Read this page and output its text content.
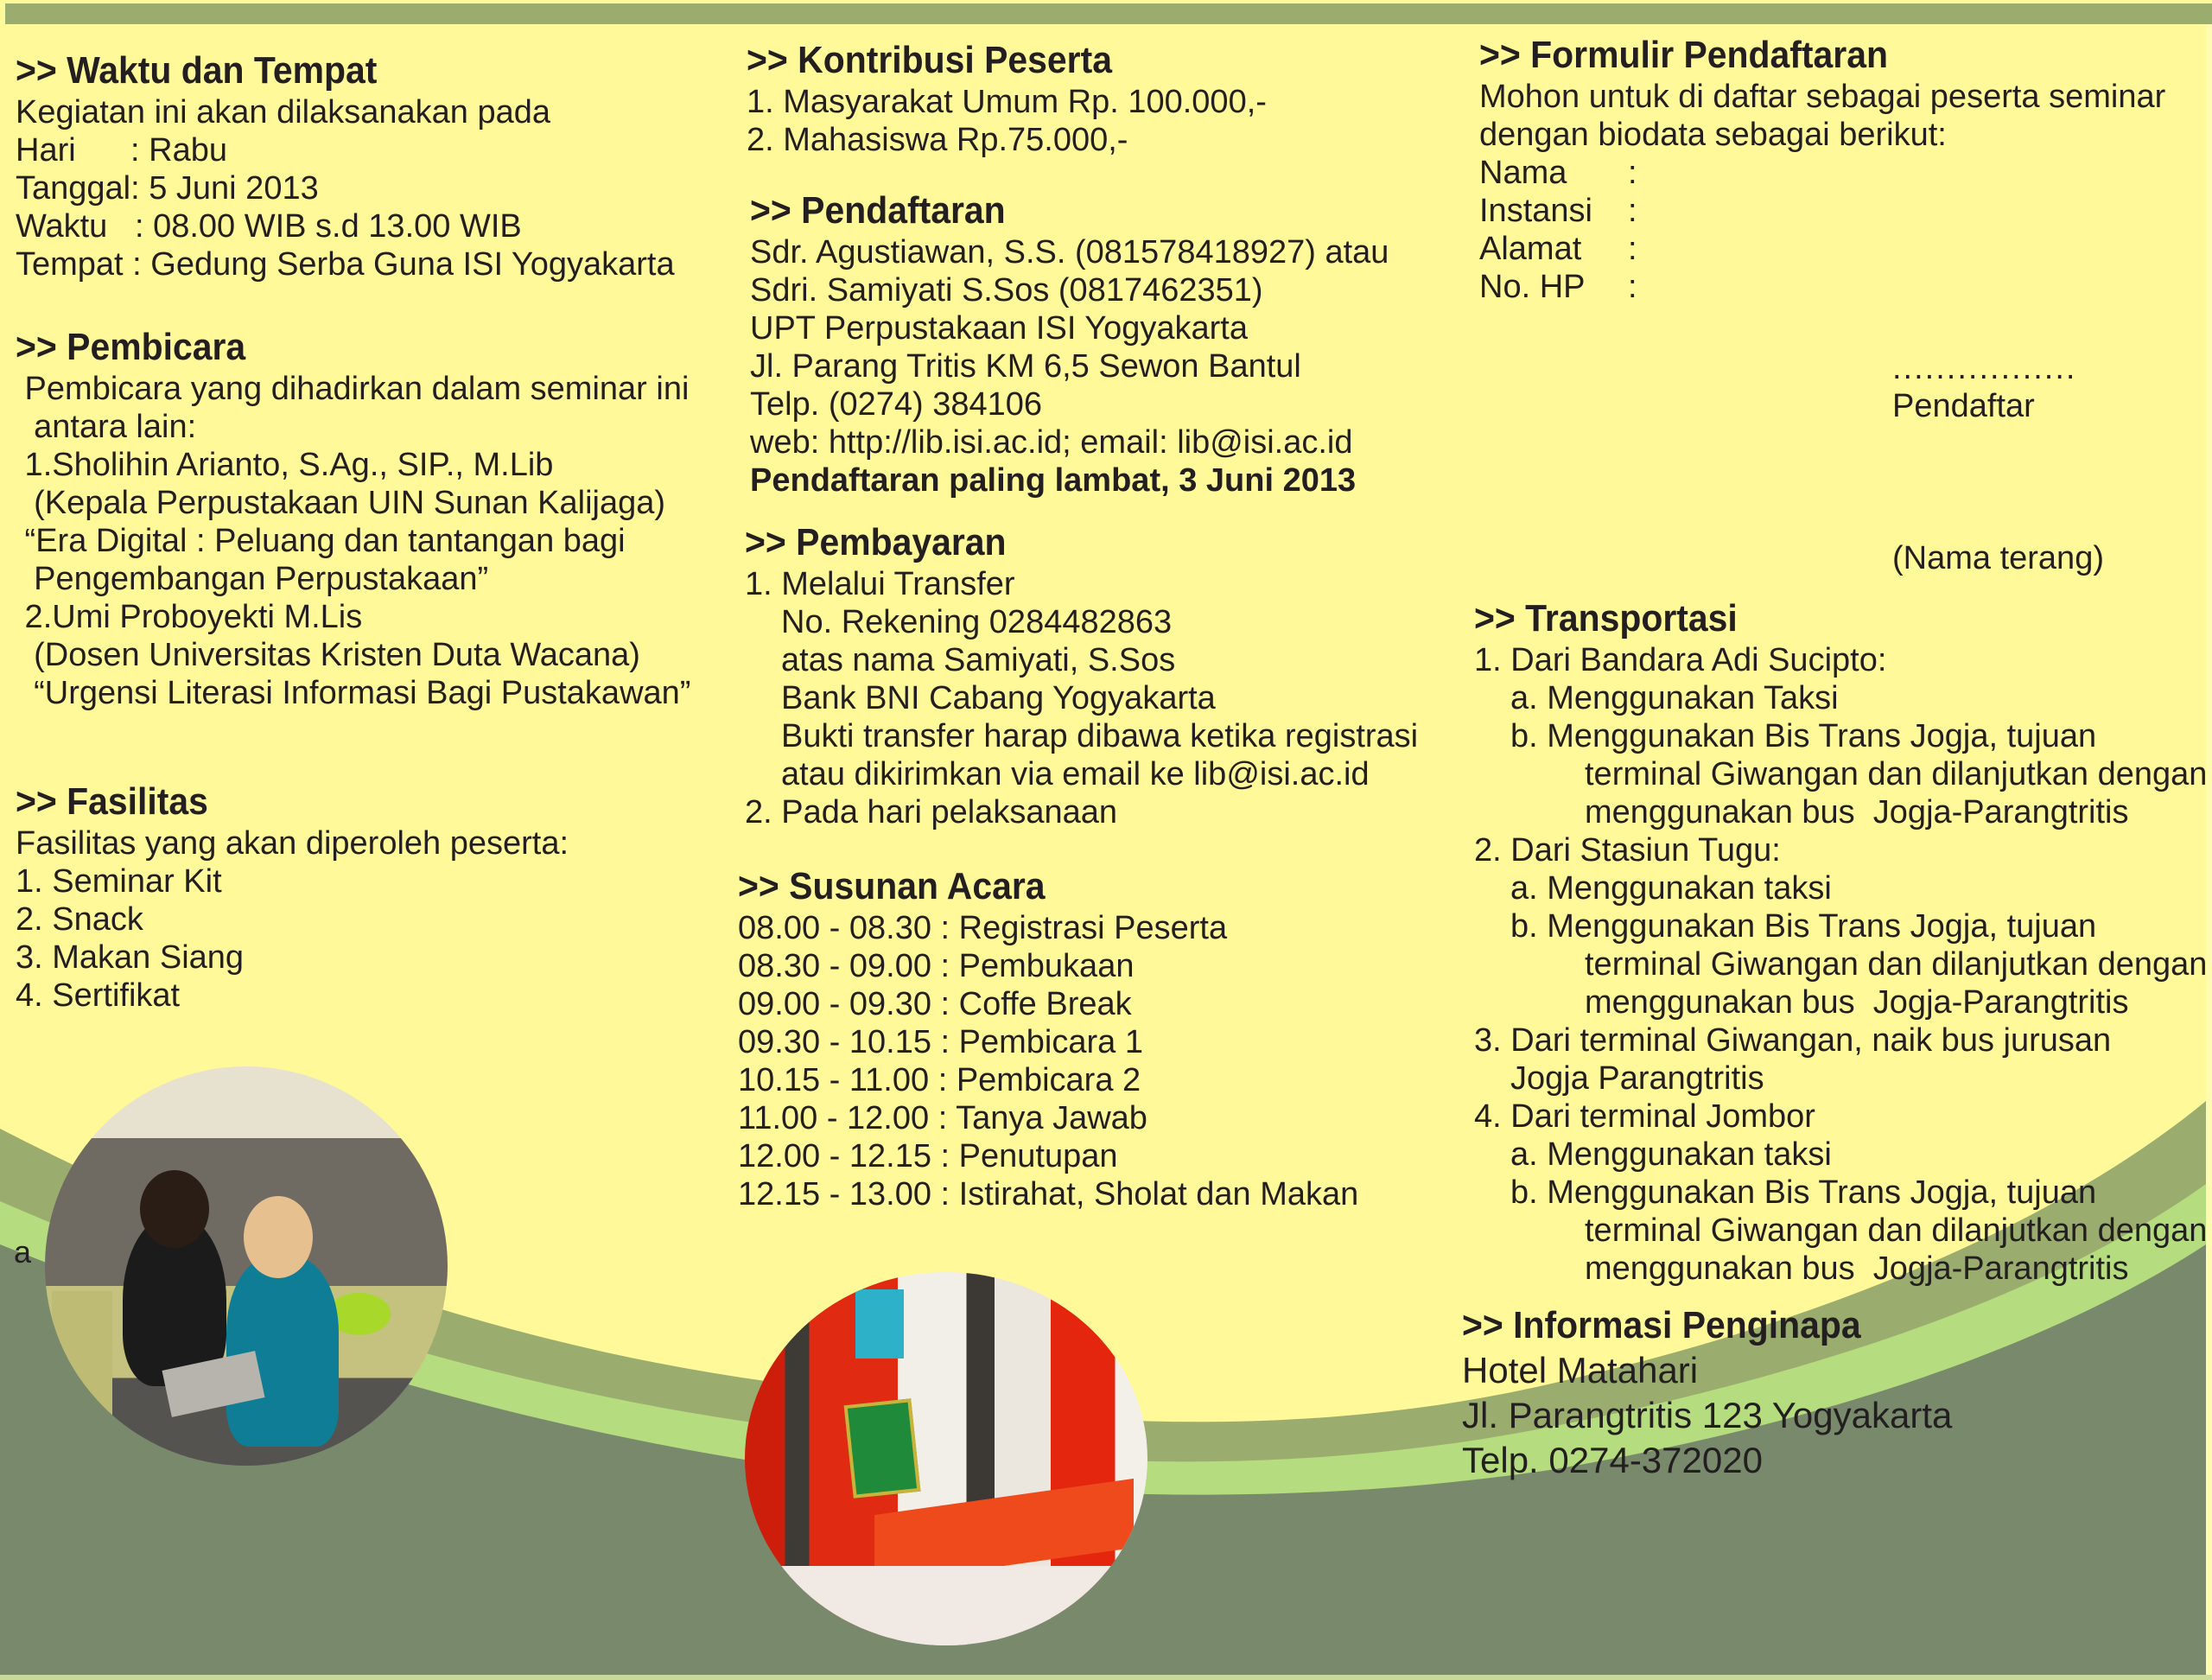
>> Waktu dan Tempat
Kegiatan ini akan dilaksanakan pada
Hari      : Rabu
Tanggal: 5 Juni 2013
Waktu   : 08.00 WIB s.d 13.00 WIB
Tempat : Gedung Serba Guna ISI Yogyakarta
>> Pembicara
Pembicara yang dihadirkan dalam seminar ini
antara lain:
1.Sholihin Arianto, S.Ag., SIP., M.Lib
(Kepala Perpustakaan UIN Sunan Kalijaga)
“Era Digital : Peluang dan tantangan bagi
Pengembangan Perpustakaan”
2.Umi Proboyekti M.Lis
(Dosen Universitas Kristen Duta Wacana)
“Urgensi Literasi Informasi Bagi Pustakawan”
>> Fasilitas
Fasilitas yang akan diperoleh peserta:
1. Seminar Kit
2. Snack
3. Makan Siang
4. Sertifikat
a
>> Kontribusi Peserta
1. Masyarakat Umum Rp. 100.000,-
2. Mahasiswa Rp.75.000,-
>> Pendaftaran
Sdr. Agustiawan, S.S. (081578418927) atau
Sdri. Samiyati S.Sos (0817462351)
UPT Perpustakaan ISI Yogyakarta
Jl. Parang Tritis KM 6,5 Sewon Bantul
Telp. (0274) 384106
web: http://lib.isi.ac.id; email: lib@isi.ac.id
Pendaftaran paling lambat, 3 Juni 2013
>> Pembayaran
1. Melalui Transfer
No. Rekening 0284482863
atas nama Samiyati, S.Sos
Bank BNI Cabang Yogyakarta
Bukti transfer harap dibawa ketika registrasi
atau dikirimkan via email ke lib@isi.ac.id
2. Pada hari pelaksanaan
>> Susunan Acara
08.00 - 08.30 : Registrasi Peserta
08.30 - 09.00 : Pembukaan
09.00 - 09.30 : Coffe Break
09.30 - 10.15 : Pembicara 1
10.15 - 11.00 : Pembicara 2
11.00 - 12.00 : Tanya Jawab
12.00 - 12.15 : Penutupan
12.15 - 13.00 : Istirahat, Sholat dan Makan
>> Formulir Pendaftaran
Mohon untuk di daftar sebagai peserta seminar
dengan biodata sebagai berikut:
Nama :
Instansi :
Alamat :
No. HP :
.................
Pendaftar
(Nama terang)
>> Transportasi
1. Dari Bandara Adi Sucipto:
a. Menggunakan Taksi
b. Menggunakan Bis Trans Jogja, tujuan
terminal Giwangan dan dilanjutkan dengan
menggunakan bus  Jogja-Parangtritis
2. Dari Stasiun Tugu:
a. Menggunakan taksi
b. Menggunakan Bis Trans Jogja, tujuan
terminal Giwangan dan dilanjutkan dengan
menggunakan bus  Jogja-Parangtritis
3. Dari terminal Giwangan, naik bus jurusan
Jogja Parangtritis
4. Dari terminal Jombor
a. Menggunakan taksi
b. Menggunakan Bis Trans Jogja, tujuan
terminal Giwangan dan dilanjutkan dengan
menggunakan bus  Jogja-Parangtritis
>> Informasi Penginapa
Hotel Matahari
Jl. Parangtritis 123 Yogyakarta
Telp. 0274-372020
